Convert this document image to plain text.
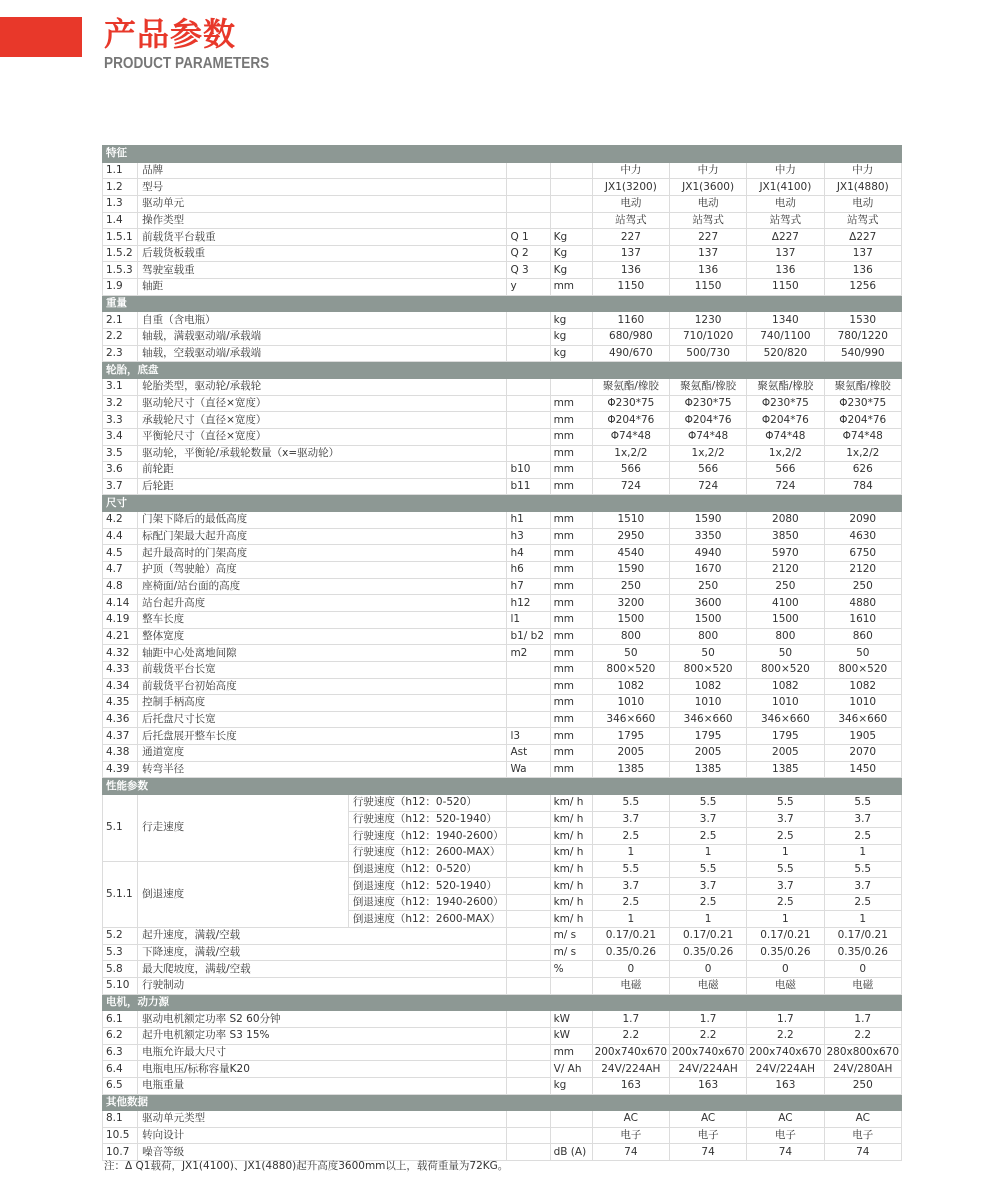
产品参数
PRODUCT PARAMETERS
特征								
1.1	品牌				中力	中力	中力	中力
1.2	型号				JX1(3200)	JX1(3600)	JX1(4100)	JX1(4880)
1.3	驱动单元				电动	电动	电动	电动
1.4	操作类型				站驾式	站驾式	站驾式	站驾式
1.5.1	前载货平台载重		Q 1	Kg	227	227	Δ227	Δ227
1.5.2	后载货板载重		Q 2	Kg	137	137	137	137
1.5.3	驾驶室载重		Q 3	Kg	136	136	136	136
1.9	轴距		y	mm	1150	1150	1150	1256
重量								
2.1	自重（含电瓶）			kg	1160	1230	1340	1530
2.2	轴载，满载驱动端/承载端			kg	680/980	710/1020	740/1100	780/1220
2.3	轴载，空载驱动端/承载端			kg	490/670	500/730	520/820	540/990
轮胎，底盘								
3.1	轮胎类型，驱动轮/承载轮				聚氨酯/橡胶	聚氨酯/橡胶	聚氨酯/橡胶	聚氨酯/橡胶
3.2	驱动轮尺寸（直径×宽度）			mm	Φ230*75	Φ230*75	Φ230*75	Φ230*75
3.3	承载轮尺寸（直径×宽度）			mm	Φ204*76	Φ204*76	Φ204*76	Φ204*76
3.4	平衡轮尺寸（直径×宽度）			mm	Φ74*48	Φ74*48	Φ74*48	Φ74*48
3.5	驱动轮，平衡轮/承载轮数量（x=驱动轮）			mm	1x,2/2	1x,2/2	1x,2/2	1x,2/2
3.6	前轮距		b10	mm	566	566	566	626
3.7	后轮距		b11	mm	724	724	724	784
尺寸								
4.2	门架下降后的最低高度		h1	mm	1510	1590	2080	2090
4.4	标配门架最大起升高度		h3	mm	2950	3350	3850	4630
4.5	起升最高时的门架高度		h4	mm	4540	4940	5970	6750
4.7	护顶（驾驶舱）高度		h6	mm	1590	1670	2120	2120
4.8	座椅面/站台面的高度		h7	mm	250	250	250	250
4.14	站台起升高度		h12	mm	3200	3600	4100	4880
4.19	整车长度		l1	mm	1500	1500	1500	1610
4.21	整体宽度		b1/ b2	mm	800	800	800	860
4.32	轴距中心处离地间隙		m2	mm	50	50	50	50
4.33	前载货平台长宽			mm	800×520	800×520	800×520	800×520
4.34	前载货平台初始高度			mm	1082	1082	1082	1082
4.35	控制手柄高度			mm	1010	1010	1010	1010
4.36	后托盘尺寸长宽			mm	346×660	346×660	346×660	346×660
4.37	后托盘展开整车长度		l3	mm	1795	1795	1795	1905
4.38	通道宽度		Ast	mm	2005	2005	2005	2070
4.39	转弯半径		Wa	mm	1385	1385	1385	1450
性能参数								
5.1	行走速度	行驶速度（h12：0-520）		km/ h	5.5	5.5	5.5	5.5
		行驶速度（h12：520-1940）		km/ h	3.7	3.7	3.7	3.7
		行驶速度（h12：1940-2600）		km/ h	2.5	2.5	2.5	2.5
		行驶速度（h12：2600-MAX）		km/ h	1	1	1	1
5.1.1	倒退速度	倒退速度（h12：0-520）		km/ h	5.5	5.5	5.5	5.5
		倒退速度（h12：520-1940）		km/ h	3.7	3.7	3.7	3.7
		倒退速度（h12：1940-2600）		km/ h	2.5	2.5	2.5	2.5
		倒退速度（h12：2600-MAX）		km/ h	1	1	1	1
5.2	起升速度，满载/空载			m/ s	0.17/0.21	0.17/0.21	0.17/0.21	0.17/0.21
5.3	下降速度，满载/空载			m/ s	0.35/0.26	0.35/0.26	0.35/0.26	0.35/0.26
5.8	最大爬坡度，满载/空载			%	0	0	0	0
5.10	行驶制动				电磁	电磁	电磁	电磁
电机，动力源								
6.1	驱动电机额定功率 S2 60分钟			kW	1.7	1.7	1.7	1.7
6.2	起升电机额定功率 S3 15%			kW	2.2	2.2	2.2	2.2
6.3	电瓶允许最大尺寸			mm	200x740x670	200x740x670	200x740x670	280x800x670
6.4	电瓶电压/标称容量K20			V/ Ah	24V/224AH	24V/224AH	24V/224AH	24V/280AH
6.5	电瓶重量			kg	163	163	163	250
其他数据								
8.1	驱动单元类型				AC	AC	AC	AC
10.5	转向设计				电子	电子	电子	电子
10.7	噪音等级			dB (A)	74	74	74	74
注：Δ Q1载荷，JX1(4100)、JX1(4880)起升高度3600mm以上，载荷重量为72KG。
